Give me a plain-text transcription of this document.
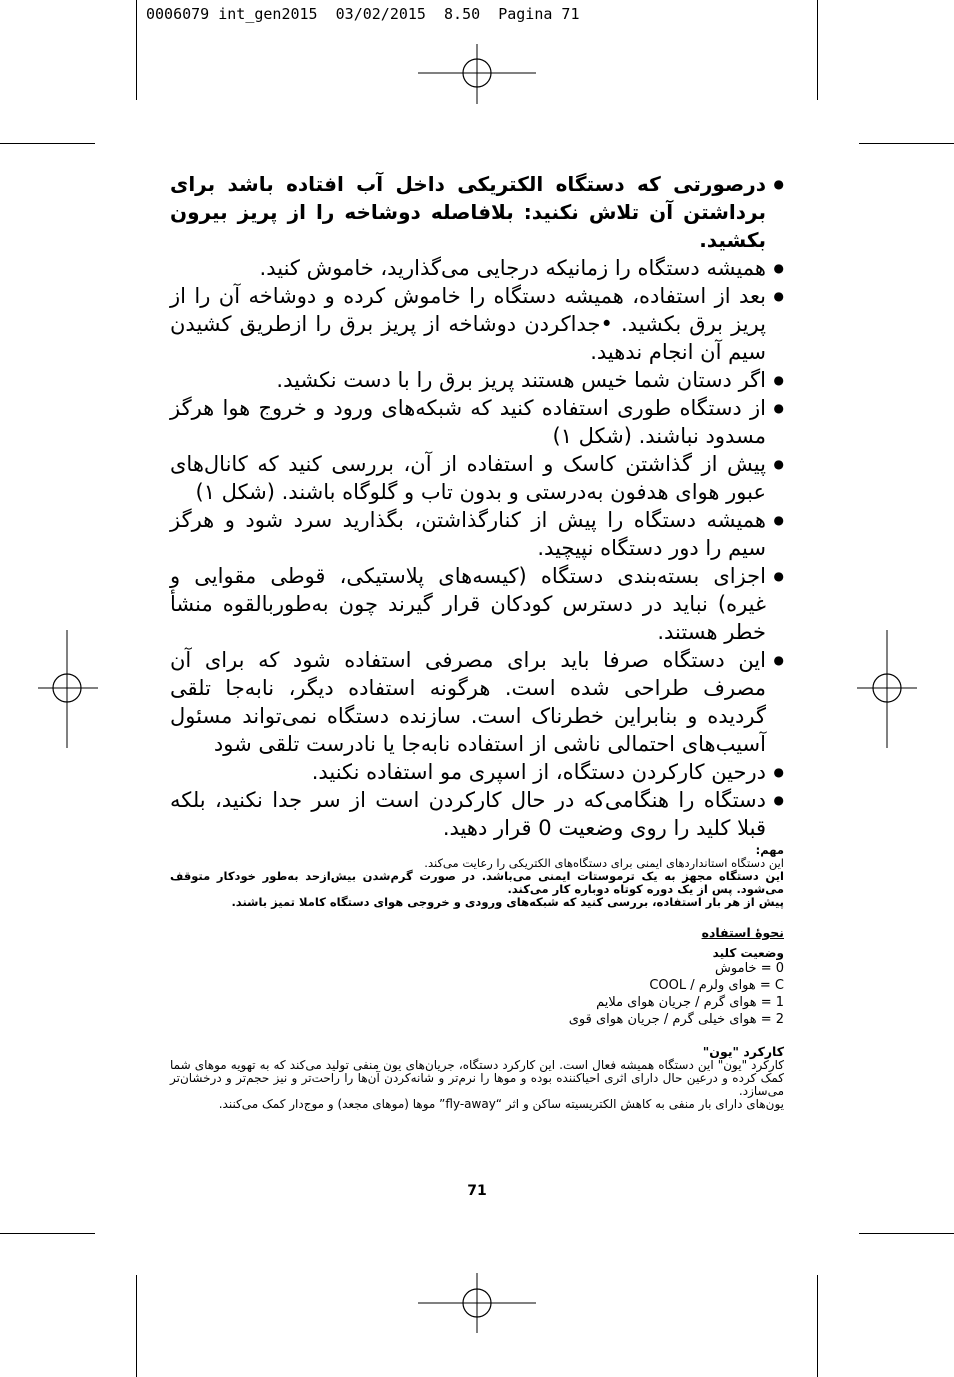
0006079 int_gen2015  03/02/2015  8.50  Pagina 71
● درصورتی که دستگاه الکتریکی داخل آب افتاده باشد برای برداشتن آن تلاش نکنید: بلافاصله دوشاخه را از پریز بیرون بکشید.
● همیشه دستگاه را زمانیکه درجایی می‌گذارید، خاموش کنید.
● بعد از استفاده، همیشه دستگاه را خاموش کرده و دوشاخه آن را از پریز برق بکشید. •جداکردن دوشاخه از پریز برق را ازطریق کشیدن سیم آن انجام ندهید.
● اگر دستان شما خیس هستند پریز برق را با دست نکشید.
● از دستگاه طوری استفاده کنید که شبکه‌های ورود و خروج هوا هرگز مسدود نباشند. (شکل ۱)
● پیش از گذاشتن کاسک و استفاده از آن، بررسی کنید که کانال‌های عبور هوای هدفون به‌درستی و بدون تاب و گلوگاه باشند. (شکل ۱)
● همیشه دستگاه را پیش از کنارگذاشتن، بگذارید سرد شود و هرگز سیم را دور دستگاه نپیچید.
● اجزای بسته‌بندی دستگاه (کیسه‌های پلاستیکی، قوطی مقوایی و غیره) نباید در دسترس کودکان قرار گیرند چون به‌طوربالقوه منشأ خطر هستند.
● این دستگاه صرفا باید برای مصرفی استفاده شود که برای آن مصرف طراحی شده است. هرگونه استفاده دیگر، نابه‌جا تلقی گردیده و بنابراین خطرناک است. سازنده دستگاه نمی‌تواند مسئول آسیب‌های احتمالی ناشی از استفاده نابه‌جا یا نادرست تلقی شود
● درحین کارکردن دستگاه، از اسپری مو استفاده نکنید.
● دستگاه را هنگامی‌که در حال کارکردن است از سر جدا نکنید، بلکه قبلا کلید را روی وضعیت 0 قرار دهید.
مهم:
این دستگاه استانداردهای ایمنی برای دستگاه‌های الکتریکی را رعایت می‌کند.
این دستگاه مجهز به یک ترموستات ایمنی می‌باشد. در صورت گرم‌شدن بیش‌ازحد به‌طور خودکار متوقف می‌شود. پس از یک دوره کوتاه دوباره کار می‌کند.
پیش از هر بار استفاده، بررسی کنید که شبکه‌های ورودی و خروجی هوای دستگاه کاملا تمیز باشند.
نحوهٔ استفاده
وضعیت کلید
0 = خاموش
C = هوای ولرم / COOL
1 = هوای گرم / جریان هوای ملایم
2 = هوای خیلی گرم / جریان هوای قوی
کارکرد "یون"
کارکرد "یون" این دستگاه همیشه فعال است. این کارکرد دستگاه، جریان‌های یون منفی تولید می‌کند که به تهویه موهای شما کمک کرده و درعین حال دارای اثری احیاکننده بوده و موها را نرم‌تر و شانه‌کردن آن‌ها را راحت‌تر و نیز حجم‌تر و درخشان‌تر می‌سازد.
یون‌های دارای بار منفی به کاهش الکتریسیته ساکن و اثر “fly-away” موها (موهای مجعد) و موج‌دار کمک می‌کنند.
71
